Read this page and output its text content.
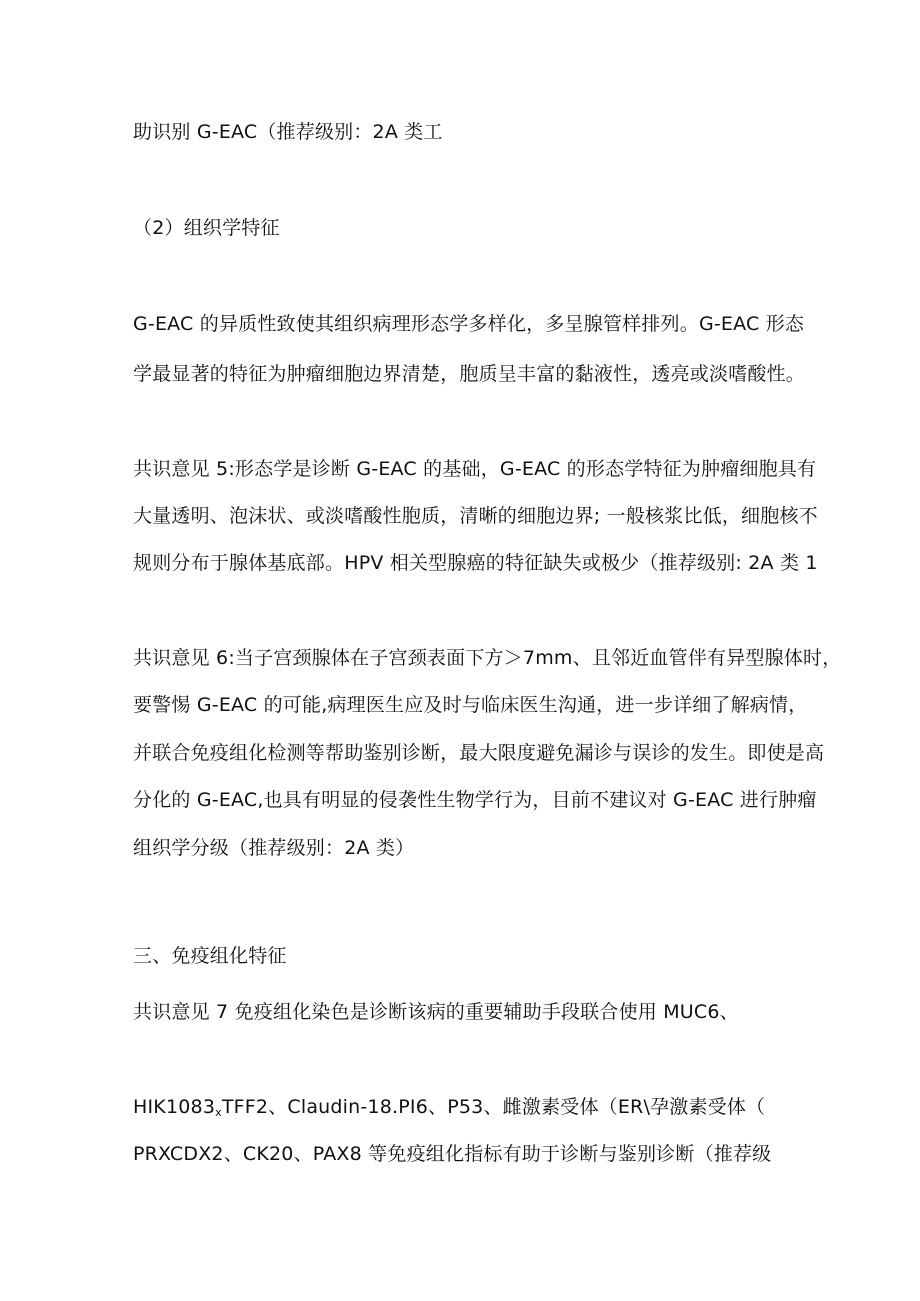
助识别 G-EAC（推荐级别：2A 类工
（2）组织学特征
G-EAC 的异质性致使其组织病理形态学多样化，多呈腺管样排列。G-EAC 形态
学最显著的特征为肿瘤细胞边界清楚，胞质呈丰富的黏液性，透亮或淡嗜酸性。
共识意见 5:形态学是诊断 G-EAC 的基础，G-EAC 的形态学特征为肿瘤细胞具有
大量透明、泡沫状、或淡嗜酸性胞质，清晰的细胞边界; 一般核浆比低，细胞核不
规则分布于腺体基底部。HPV 相关型腺癌的特征缺失或极少（推荐级别: 2A 类 1
共识意见 6:当子宫颈腺体在子宫颈表面下方＞7mm、且邻近血管伴有异型腺体时，
要警惕 G-EAC 的可能,病理医生应及时与临床医生沟通，进一步详细了解病情，
并联合免疫组化检测等帮助鉴别诊断，最大限度避免漏诊与误诊的发生。即使是高
分化的 G-EAC,也具有明显的侵袭性生物学行为，目前不建议对 G-EAC 进行肿瘤
组织学分级（推荐级别：2A 类）
三、免疫组化特征
共识意见 7 免疫组化染色是诊断该病的重要辅助手段联合使用 MUC6、
$HIK1083_xTFF2$、Claudin-18.PI6、P53、雌激素受体（ER\孕激素受体（
PRXCDX2、CK20、PAX8 等免疫组化指标有助于诊断与鉴别诊断（推荐级
